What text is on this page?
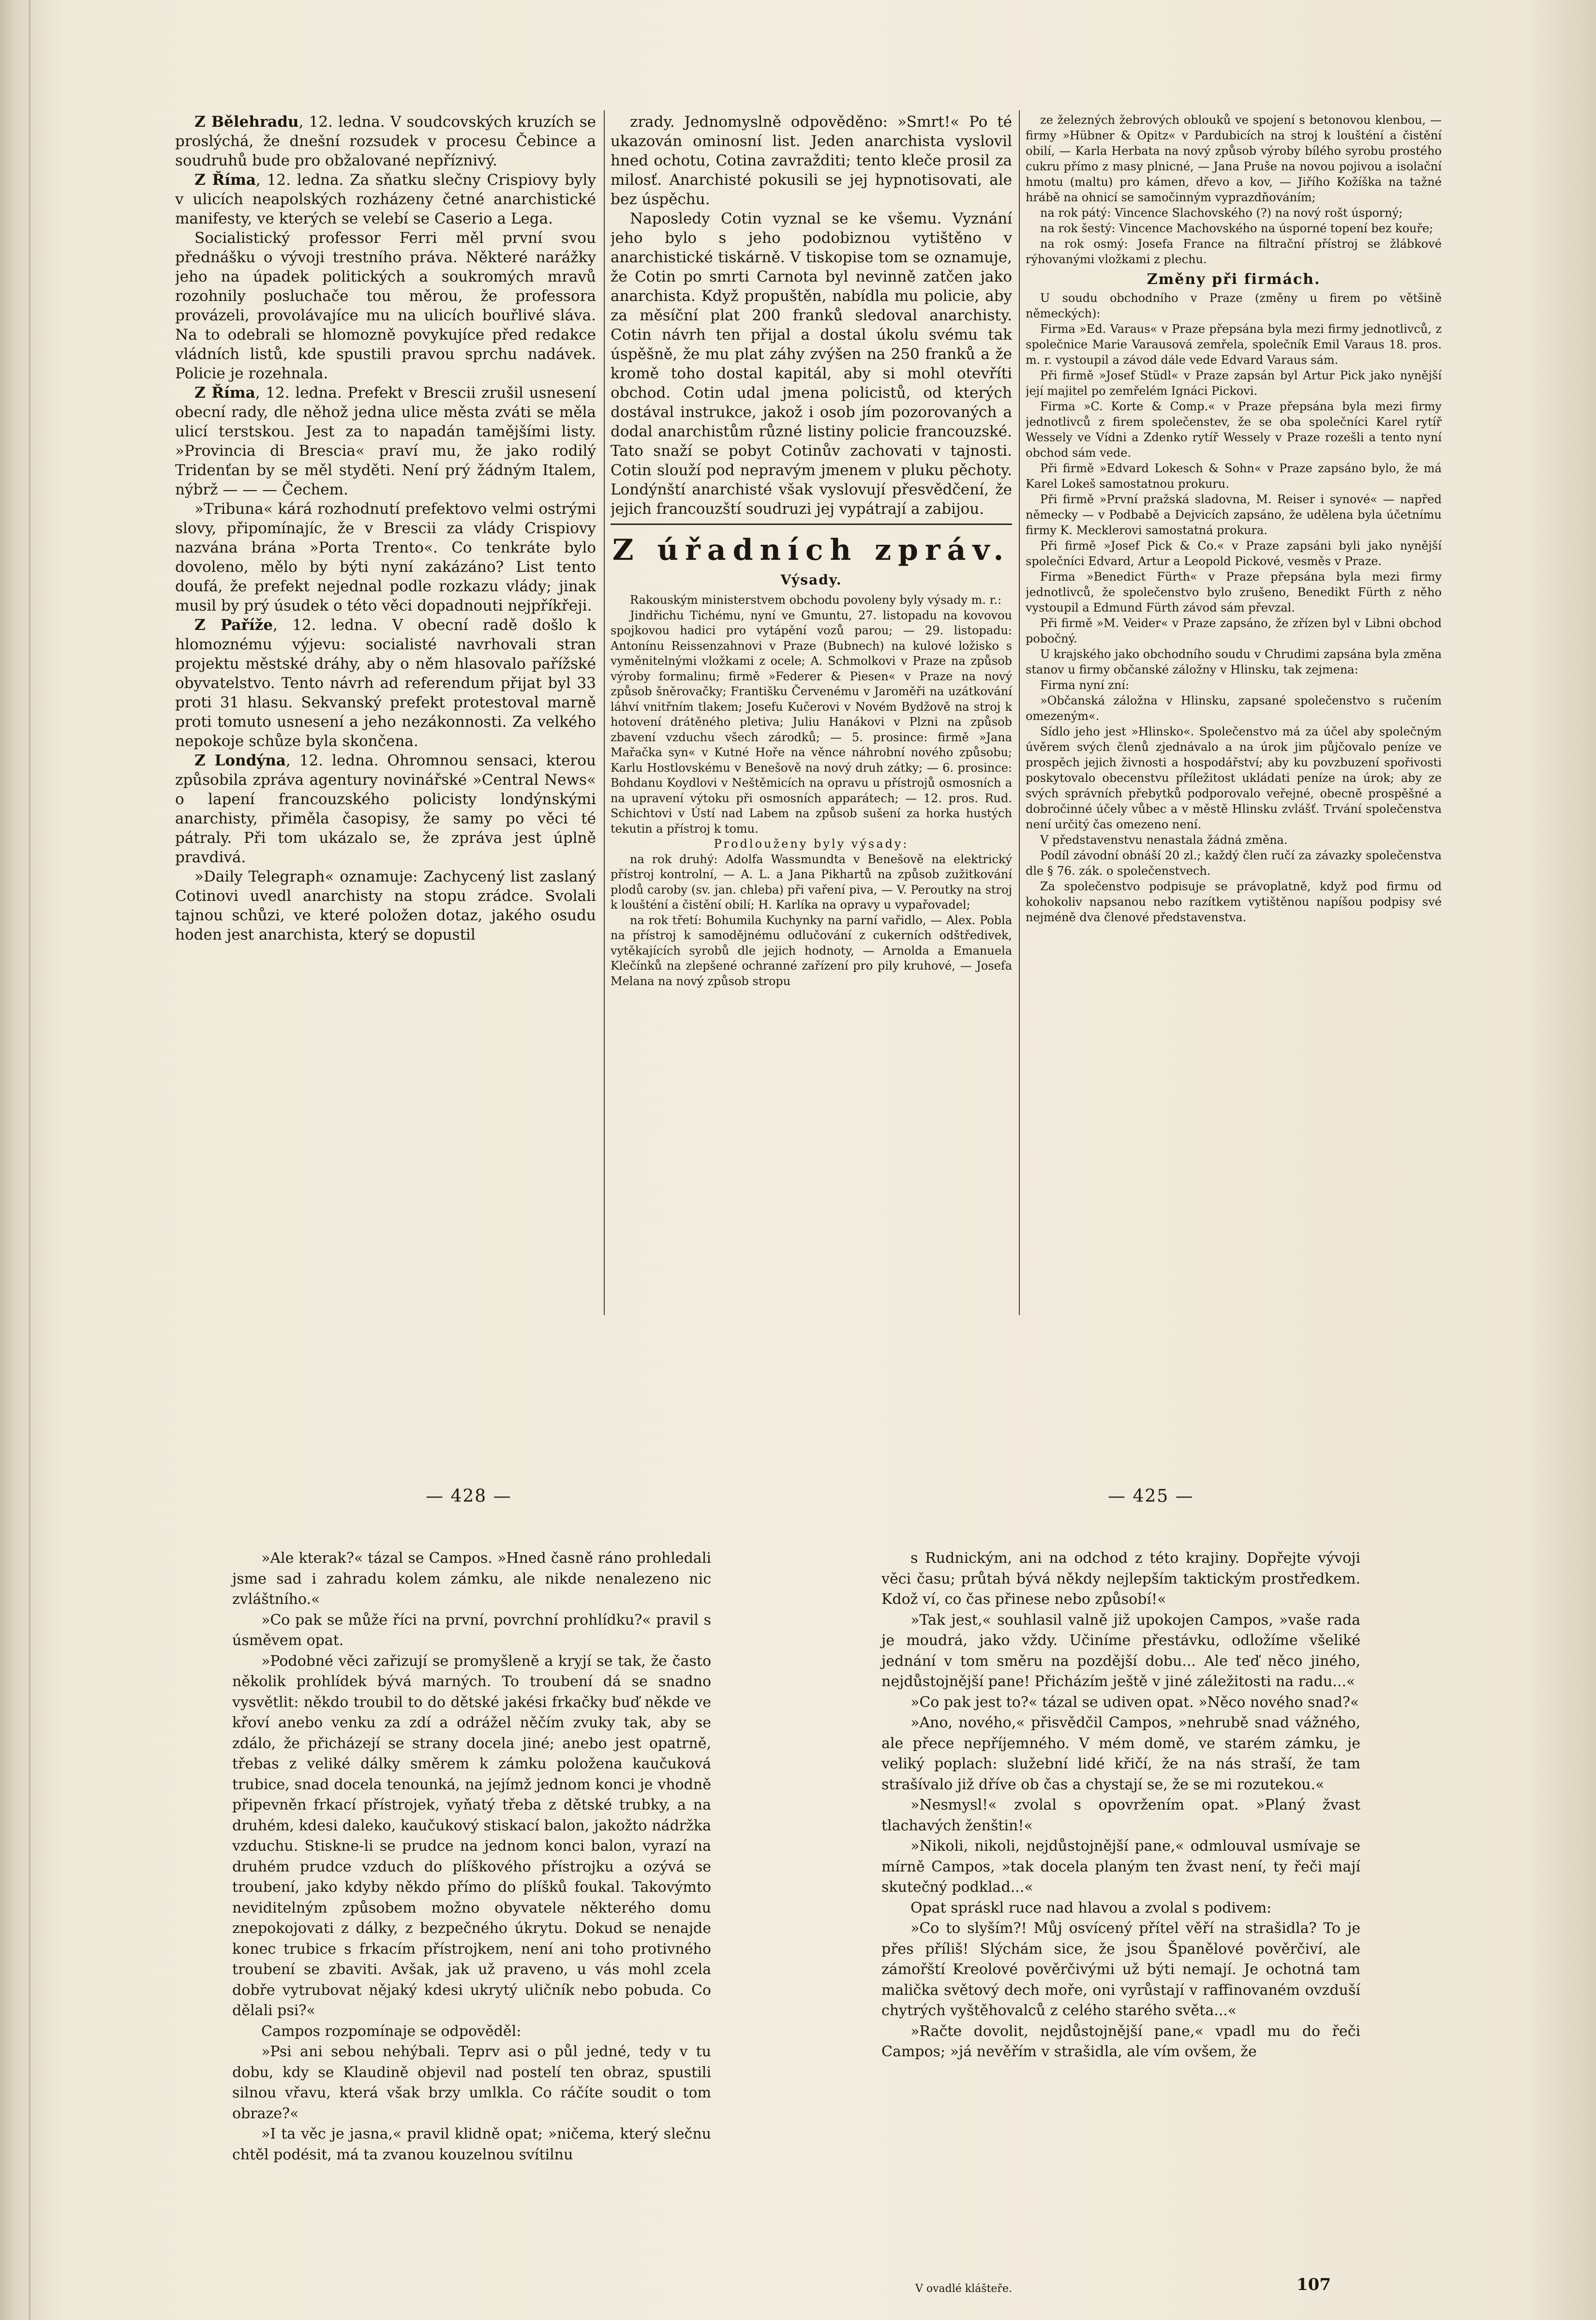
Z Bělehradu, 12. ledna. V soudcovských kruzích se proslýchá, že dnešní rozsudek v procesu Čebince a soudruhů bude pro obžalované nepříznivý.

Z Říma, 12. ledna. Za sňatku slečny Crispiovy byly v ulicích neapolských rozházeny četné anarchistické manifesty, ve kterých se velebí se Caserio a Lega.

Socialistický professor Ferri měl první svou přednášku o vývoji trestního práva. Některé narážky jeho na úpadek politických a soukromých mravů rozohnily posluchače tou měrou, že professora provázeli, provolávajíce mu na ulicích bouřlivé sláva. Na to odebrali se hlomozně povykujíce před redakce vládních listů, kde spustili pravou sprchu nadávek. Policie je rozehnala.

Z Říma, 12. ledna. Prefekt v Brescii zrušil usnesení obecní rady, dle něhož jedna ulice města zváti se měla ulicí terstskou. Jest za to napadán tamějšími listy. »Provincia di Brescia« praví mu, že jako rodilý Tridenťan by se měl styděti. Není prý žádným Italem, nýbrž — — — Čechem.

»Tribuna« kárá rozhodnutí prefektovo velmi ostrými slovy, připomínajíc, že v Brescii za vlády Crispiovy nazvána brána »Porta Trento«. Co tenkráte bylo dovoleno, mělo by býti nyní zakázáno? List tento doufá, že prefekt nejednal podle rozkazu vlády; jinak musil by prý úsudek o této věci dopadnouti nejpříkřeji.

Z Paříže, 12. ledna. V obecní radě došlo k hlomoznému výjevu: socialisté navrhovali stran projektu městské dráhy, aby o něm hlasovalo pařížské obyvatelstvo. Tento návrh ad referendum přijat byl 33 proti 31 hlasu. Sekvanský prefekt protestoval marně proti tomuto usnesení a jeho nezákonnosti. Za velkého nepokoje schůze byla skončena.

Z Londýna, 12. ledna. Ohromnou sensaci, kterou způsobila zpráva agentury novinářské »Central News« o lapení francouzského policisty londýnskými anarchisty, přiměla časopisy, že samy po věci té pátraly. Při tom ukázalo se, že zpráva jest úplně pravdivá.

»Daily Telegraph« oznamuje: Zachycený list zaslaný Cotinovi uvedl anarchisty na stopu zrádce. Svolali tajnou schůzi, ve které položen dotaz, jakého osudu hoden jest anarchista, který se dopustil

zrady. Jednomyslně odpověděno: »Smrt!« Po té ukazován ominosní list. Jeden anarchista vyslovil hned ochotu, Cotina zavražditi; tento kleče prosil za milosť. Anarchisté pokusili se jej hypnotisovati, ale bez úspěchu.

Naposledy Cotin vyznal se ke všemu. Vyznání jeho bylo s jeho podobiznou vytištěno v anarchistické tiskárně. V tiskopise tom se oznamuje, že Cotin po smrti Carnota byl nevinně zatčen jako anarchista. Když propuštěn, nabídla mu policie, aby za měsíční plat 200 franků sledoval anarchisty. Cotin návrh ten přijal a dostal úkolu svému tak úspěšně, že mu plat záhy zvýšen na 250 franků a že kromě toho dostal kapitál, aby si mohl otevříti obchod. Cotin udal jmena policistů, od kterých dostával instrukce, jakož i osob jím pozorovaných a dodal anarchistům různé listiny policie francouzské. Tato snaží se pobyt Cotinův zachovati v tajnosti. Cotin slouží pod nepravým jmenem v pluku pěchoty. Londýnští anarchisté však vyslovují přesvědčení, že jejich francouzští soudruzi jej vypátrají a zabijou.

Z úřadních zpráv.
Výsady.

Rakouským ministerstvem obchodu povoleny byly výsady m. r.:

Jindřichu Tichému, nyní ve Gmuntu, 27. listopadu na kovovou spojkovou hadici pro vytápění vozů parou; — 29. listopadu: Antonínu Reissenzahnovi v Praze (Bubnech) na kulové ložisko s vyměnitelnými vložkami z ocele; A. Schmolkovi v Praze na způsob výroby formalinu; firmě »Federer & Piesen« v Praze na nový způsob šněrovačky; Františku Červenému v Jaroměři na uzátkování láhví vnitřním tlakem; Josefu Kučerovi v Novém Bydžově na stroj k hotovení drátěného pletiva; Juliu Hanákovi v Plzni na způsob zbavení vzduchu všech zárodků; — 5. prosince: firmě »Jana Mařačka syn« v Kutné Hoře na věnce náhrobní nového způsobu; Karlu Hostlovskému v Benešově na nový druh zátky; — 6. prosince: Bohdanu Koydlovi v Neštěmicích na opravu u přístrojů osmosních a na upravení výtoku při osmosních apparátech; — 12. pros. Rud. Schichtovi v Ústí nad Labem na způsob sušení za horka hustých tekutin a přístroj k tomu.

Prodlouženy byly výsady:

na rok druhý: Adolfa Wassmundta v Benešově na elektrický přístroj kontrolní, — A. L. a Jana Pikhartů na způsob zužitkování plodů caroby (sv. jan. chleba) při vaření piva, — V. Peroutky na stroj k loušténí a čistění obilí; H. Karlíka na opravy u vypařovadel;

na rok třetí: Bohumila Kuchynky na parní vařidlo, — Alex. Pobla na přístroj k samodějnému odlučování z cukerních odštředivek, vytěkajících syrobů dle jejich hodnoty, — Arnolda a Emanuela Klečínků na zlepšené ochranné zařízení pro pily kruhové, — Josefa Melana na nový způsob stropu

ze železných žebrových oblouků ve spojení s betonovou klenbou, — firmy »Hübner & Opitz« v Pardubicích na stroj k loušténí a čistění obilí, — Karla Herbata na nový způsob výroby bílého syrobu prostého cukru přímo z masy plnicné, — Jana Pruše na novou pojivou a isolační hmotu (maltu) pro kámen, dřevo a kov, — Jiřího Kožíška na tažné hrábě na ohnicí se samočinným vyprazdňováním;

na rok pátý: Vincence Slachovského (?) na nový rošt úsporný;

na rok šestý: Vincence Machovského na úsporné topení bez kouře;

na rok osmý: Josefa France na filtrační přístroj se žlábkové rýhovanými vložkami z plechu.

Změny při firmách.

U soudu obchodního v Praze (změny u firem po většině německých):

Firma »Ed. Varaus« v Praze přepsána byla mezi firmy jednotlivců, z společnice Marie Varausová zemřela, společník Emil Varaus 18. pros. m. r. vystoupil a závod dále vede Edvard Varaus sám.

Při firmě »Josef Stüdl« v Praze zapsán byl Artur Pick jako nynější její majitel po zemřelém Ignáci Pickovi.

Firma »C. Korte & Comp.« v Praze přepsána byla mezi firmy jednotlivců z firem společenstev, že se oba společníci Karel rytíř Wessely ve Vídni a Zdenko rytíř Wessely v Praze rozešli a tento nyní obchod sám vede.

Při firmě »Edvard Lokesch & Sohn« v Praze zapsáno bylo, že má Karel Lokeš samostatnou prokuru.

Při firmě »První pražská sladovna, M. Reiser i synové« — napřed německy — v Podbabě a Dejvicích zapsáno, že udělena byla účetnímu firmy K. Mecklerovi samostatná prokura.

Při firmě »Josef Pick & Co.« v Praze zapsáni byli jako nynější společníci Edvard, Artur a Leopold Pickové, vesměs v Praze.

Firma »Benedict Fürth« v Praze přepsána byla mezi firmy jednotlivců, že společenstvo bylo zrušeno, Benedikt Fürth z něho vystoupil a Edmund Fürth závod sám převzal.

Při firmě »M. Veider« v Praze zapsáno, že zřízen byl v Libni obchod pobočný.

U krajského jako obchodního soudu v Chrudimi zapsána byla změna stanov u firmy občanské záložny v Hlinsku, tak zejmena:

Firma nyní zní:

»Občanská záložna v Hlinsku, zapsané společenstvo s ručením omezeným«.

Sídlo jeho jest »Hlinsko«. Společenstvo má za účel aby společným úvěrem svých členů zjednávalo a na úrok jim půjčovalo peníze ve prospěch jejich živnosti a hospodářství; aby ku povzbuzení spořivosti poskytovalo obecenstvu příležitost ukládati peníze na úrok; aby ze svých správních přebytků podporovalo veřejné, obecně prospěšné a dobročinné účely vůbec a v městě Hlinsku zvlášť. Trvání společenstva není určitý čas omezeno není.

V představenstvu nenastala žádná změna.

Podíl závodní obnáší 20 zl.; každý člen ručí za závazky společenstva dle § 76. zák. o společenstvech.

Za společenstvo podpisuje se právoplatně, když pod firmu od kohokoliv napsanou nebo razítkem vytištěnou napíšou podpisy své nejméně dva členové představenstva.

— 428 —	— 425 —

»Ale kterak?« tázal se Campos. »Hned časně ráno prohledali jsme sad i zahradu kolem zámku, ale nikde nenalezeno nic zvláštního.«

»Co pak se může říci na první, povrchní prohlídku?« pravil s úsměvem opat.

»Podobné věci zařizují se promyšleně a kryjí se tak, že často několik prohlídek bývá marných. To troubení dá se snadno vysvětlit: někdo troubil to do dětské jakési frkačky buď někde ve křoví anebo venku za zdí a odrážel něčím zvuky tak, aby se zdálo, že přicházejí se strany docela jiné; anebo jest opatrně, třebas z veliké dálky směrem k zámku položena kaučuková trubice, snad docela tenounká, na jejímž jednom konci je vhodně připevněn frkací přístrojek, vyňatý třeba z dětské trubky, a na druhém, kdesi daleko, kaučukový stiskací balon, jakožto nádržka vzduchu. Stiskne-li se prudce na jednom konci balon, vyrazí na druhém prudce vzduch do plíškového přístrojku a ozývá se troubení, jako kdyby někdo přímo do plíšků foukal. Takovýmto neviditelným způsobem možno obyvatele některého domu znepokojovati z dálky, z bezpečného úkrytu. Dokud se nenajde konec trubice s frkacím přístrojkem, není ani toho protivného troubení se zbaviti. Avšak, jak už praveno, u vás mohl zcela dobře vytrubovat nějaký kdesi ukrytý uličník nebo pobuda. Co dělali psi?«

Campos rozpomínaje se odpověděl:

»Psi ani sebou nehýbali. Teprv asi o půl jedné, tedy v tu dobu, kdy se Klaudině objevil nad postelí ten obraz, spustili silnou vřavu, která však brzy umlkla. Co ráčíte soudit o tom obraze?«

»I ta věc je jasna,« pravil klidně opat; »ničema, který slečnu chtěl podésit, má ta zvanou kouzelnou svítilnu

s Rudnickým, ani na odchod z této krajiny. Dopřejte vývoji věci času; průtah bývá někdy nejlepším taktickým prostředkem. Kdož ví, co čas přinese nebo způsobí!«

»Tak jest,« souhlasil valně již upokojen Campos, »vaše rada je moudrá, jako vždy. Učiníme přestávku, odložíme všeliké jednání v tom směru na pozdější dobu... Ale teď něco jiného, nejdůstojnější pane! Přicházím ještě v jiné záležitosti na radu...«

»Co pak jest to?« tázal se udiven opat. »Něco nového snad?«

»Ano, nového,« přisvědčil Campos, »nehrubě snad vážného, ale přece nepříjemného. V mém domě, ve starém zámku, je veliký poplach: služební lidé křičí, že na nás straší, že tam strašívalo již dříve ob čas a chystají se, že se mi rozutekou.«

»Nesmysl!« zvolal s opovržením opat. »Planý žvast tlachavých ženštin!«

»Nikoli, nikoli, nejdůstojnější pane,« odmlouval usmívaje se mírně Campos, »tak docela planým ten žvast není, ty řeči mají skutečný podklad...«

Opat spráskl ruce nad hlavou a zvolal s podivem:

»Co to slyším?! Můj osvícený přítel věří na strašidla? To je přes příliš! Slýchám sice, že jsou Španělové pověrčiví, ale zámořští Kreolové pověrčivými už býti nemají. Je ochotná tam malička světový dech moře, oni vyrůstají v raffinovaném ovzduší chytrých vyštěhovalců z celého starého světa...«

»Račte dovolit, nejdůstojnější pane,« vpadl mu do řeči Campos; »já nevěřím v strašidla, ale vím ovšem, že

V ovadlé klášteře.	107
